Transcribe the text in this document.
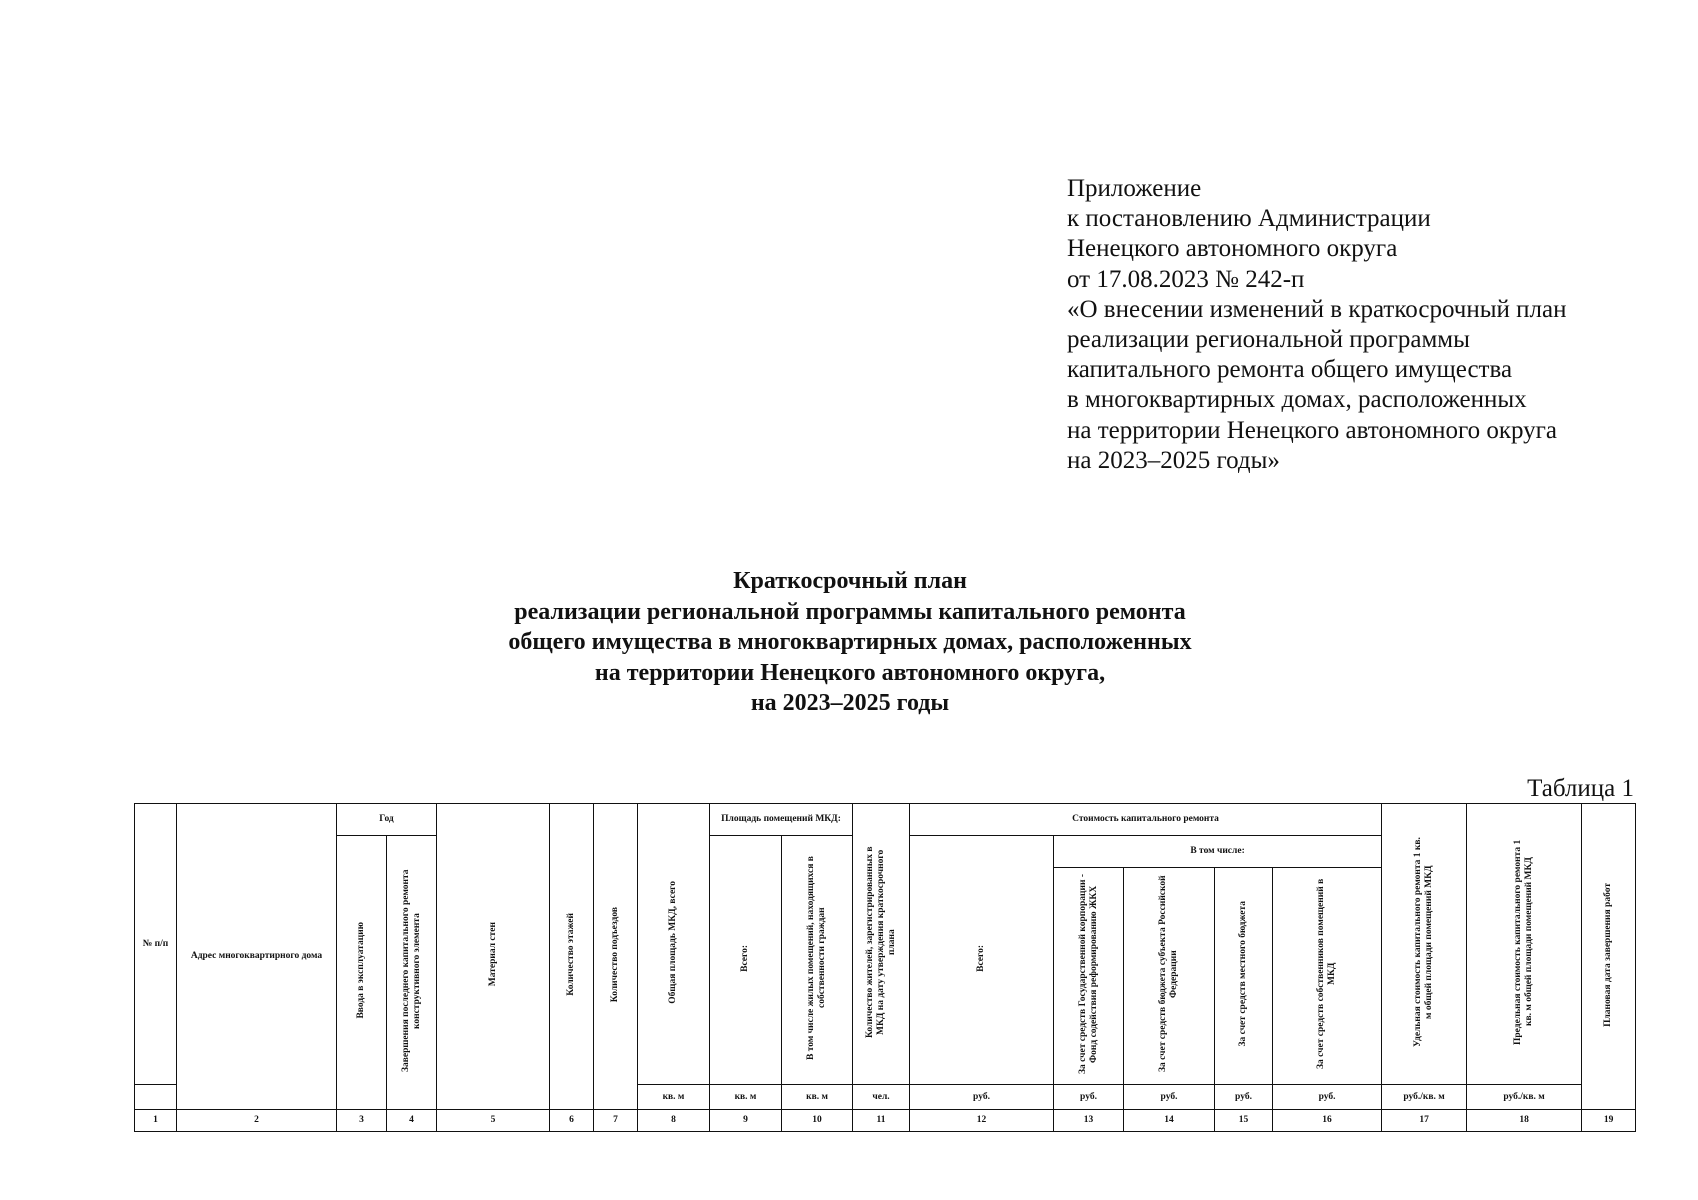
Приложение
к постановлению Администрации
Ненецкого автономного округа
от 17.08.2023 № 242-п
«О внесении изменений в краткосрочный план
реализации региональной программы
капитального ремонта общего имущества
в многоквартирных домах, расположенных
на территории Ненецкого автономного округа
на 2023–2025 годы»
Краткосрочный план
реализации региональной программы капитального ремонта
общего имущества в многоквартирных домах, расположенных
на территории Ненецкого автономного округа,
на 2023–2025 годы
Таблица 1
№ п/п	Адрес многоквартирного дома	Год		Материал стен	Количество этажей	Количество подъездов	Общая площадь МКД, всего	Площадь помещений МКД:		Количество жителей, зарегистрированных в МКД на дату утверждения краткосрочного плана	Стоимость капитального ремонта					Удельная стоимость капитального ремонта 1 кв. м общей площади помещений МКД	Предельная стоимость капитального ремонта 1 кв. м общей площади помещений МКД	Плановая дата завершения работ
		Ввода в эксплуатацию	Завершения последнего капитального ремонта конструктивного элемента					Всего:	В том числе жилых помещений, находящихся в собственности граждан		Всего:	В том числе:						
												За счет средств Государственной корпорации - Фонд содействия реформированию ЖКХ	За счет средств бюджета субъекта Российской Федерации	За счет средств местного бюджета	За счет средств собственников помещений в МКД			
							кв. м	кв. м	кв. м	чел.	руб.	руб.	руб.	руб.	руб.	руб./кв. м	руб./кв. м	
1	2	3	4	5	6	7	8	9	10	11	12	13	14	15	16	17	18	19
